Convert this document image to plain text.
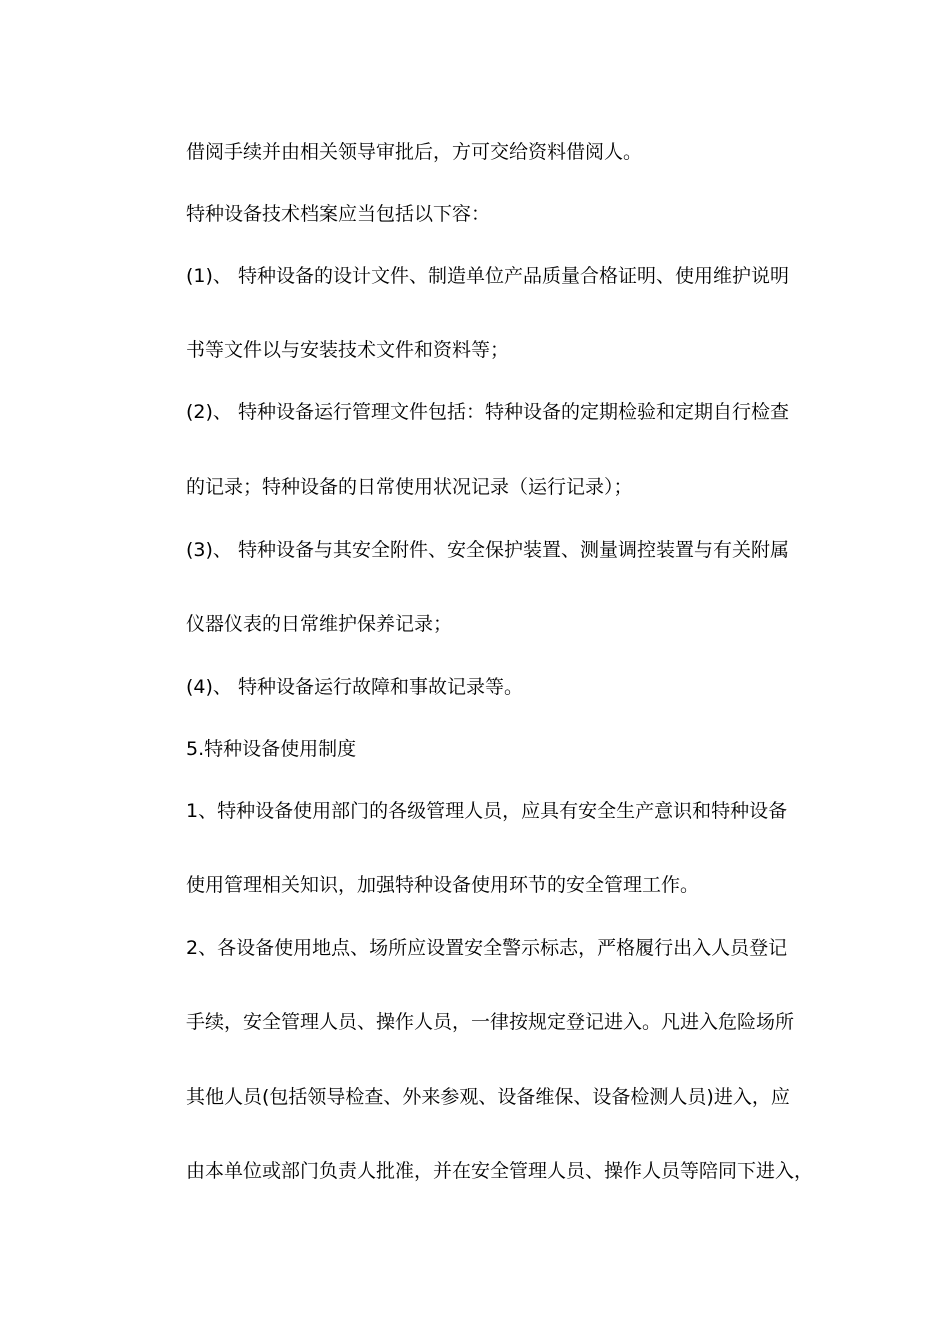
借阅手续并由相关领导审批后，方可交给资料借阅人。
特种设备技术档案应当包括以下容：
(1)、 特种设备的设计文件、制造单位产品质量合格证明、使用维护说明
书等文件以与安装技术文件和资料等；
(2)、 特种设备运行管理文件包括：特种设备的定期检验和定期自行检查
的记录；特种设备的日常使用状况记录（运行记录）；
(3)、 特种设备与其安全附件、安全保护装置、测量调控装置与有关附属
仪器仪表的日常维护保养记录；
(4)、 特种设备运行故障和事故记录等。
5.特种设备使用制度
1、特种设备使用部门的各级管理人员，应具有安全生产意识和特种设备
使用管理相关知识，加强特种设备使用环节的安全管理工作。
2、各设备使用地点、场所应设置安全警示标志，严格履行出入人员登记
手续，安全管理人员、操作人员，一律按规定登记进入。凡进入危险场所
其他人员(包括领导检查、外来参观、设备维保、设备检测人员)进入，应
由本单位或部门负责人批准，并在安全管理人员、操作人员等陪同下进入，
